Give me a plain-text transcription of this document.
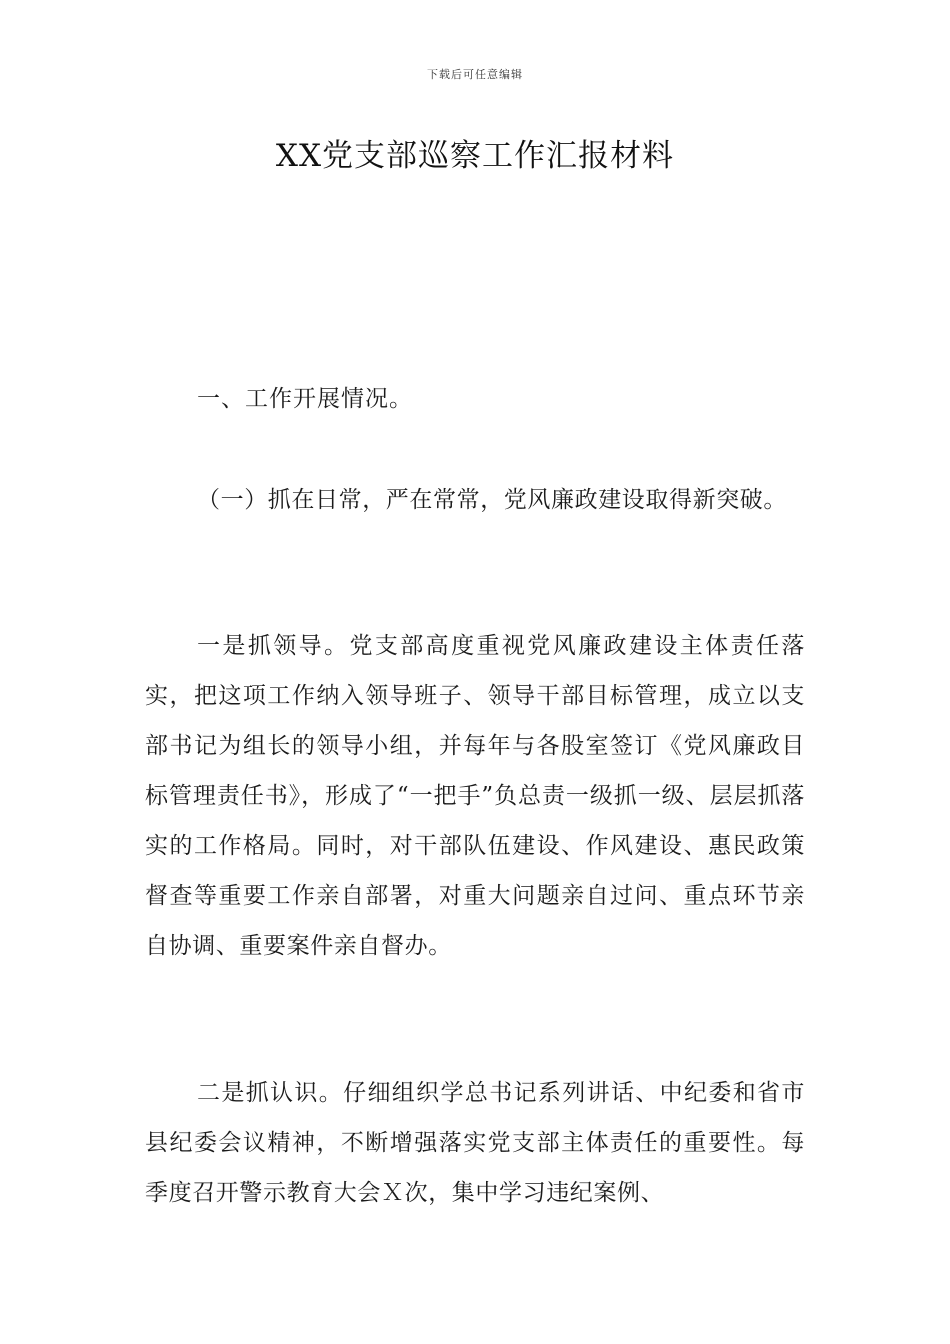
下载后可任意编辑
XX党支部巡察工作汇报材料
一、工作开展情况。

（一）抓在日常，严在常常，党风廉政建设取得新突破。

一是抓领导。党支部高度重视党风廉政建设主体责任落实，把这项工作纳入领导班子、领导干部目标管理，成立以支部书记为组长的领导小组，并每年与各股室签订《党风廉政目标管理责任书》，形成了“一把手”负总责一级抓一级、层层抓落实的工作格局。同时，对干部队伍建设、作风建设、惠民政策督查等重要工作亲自部署，对重大问题亲自过问、重点环节亲自协调、重要案件亲自督办。

二是抓认识。仔细组织学总书记系列讲话、中纪委和省市县纪委会议精神，不断增强落实党支部主体责任的重要性。每季度召开警示教育大会Ｘ次，集中学习违纪案例、
